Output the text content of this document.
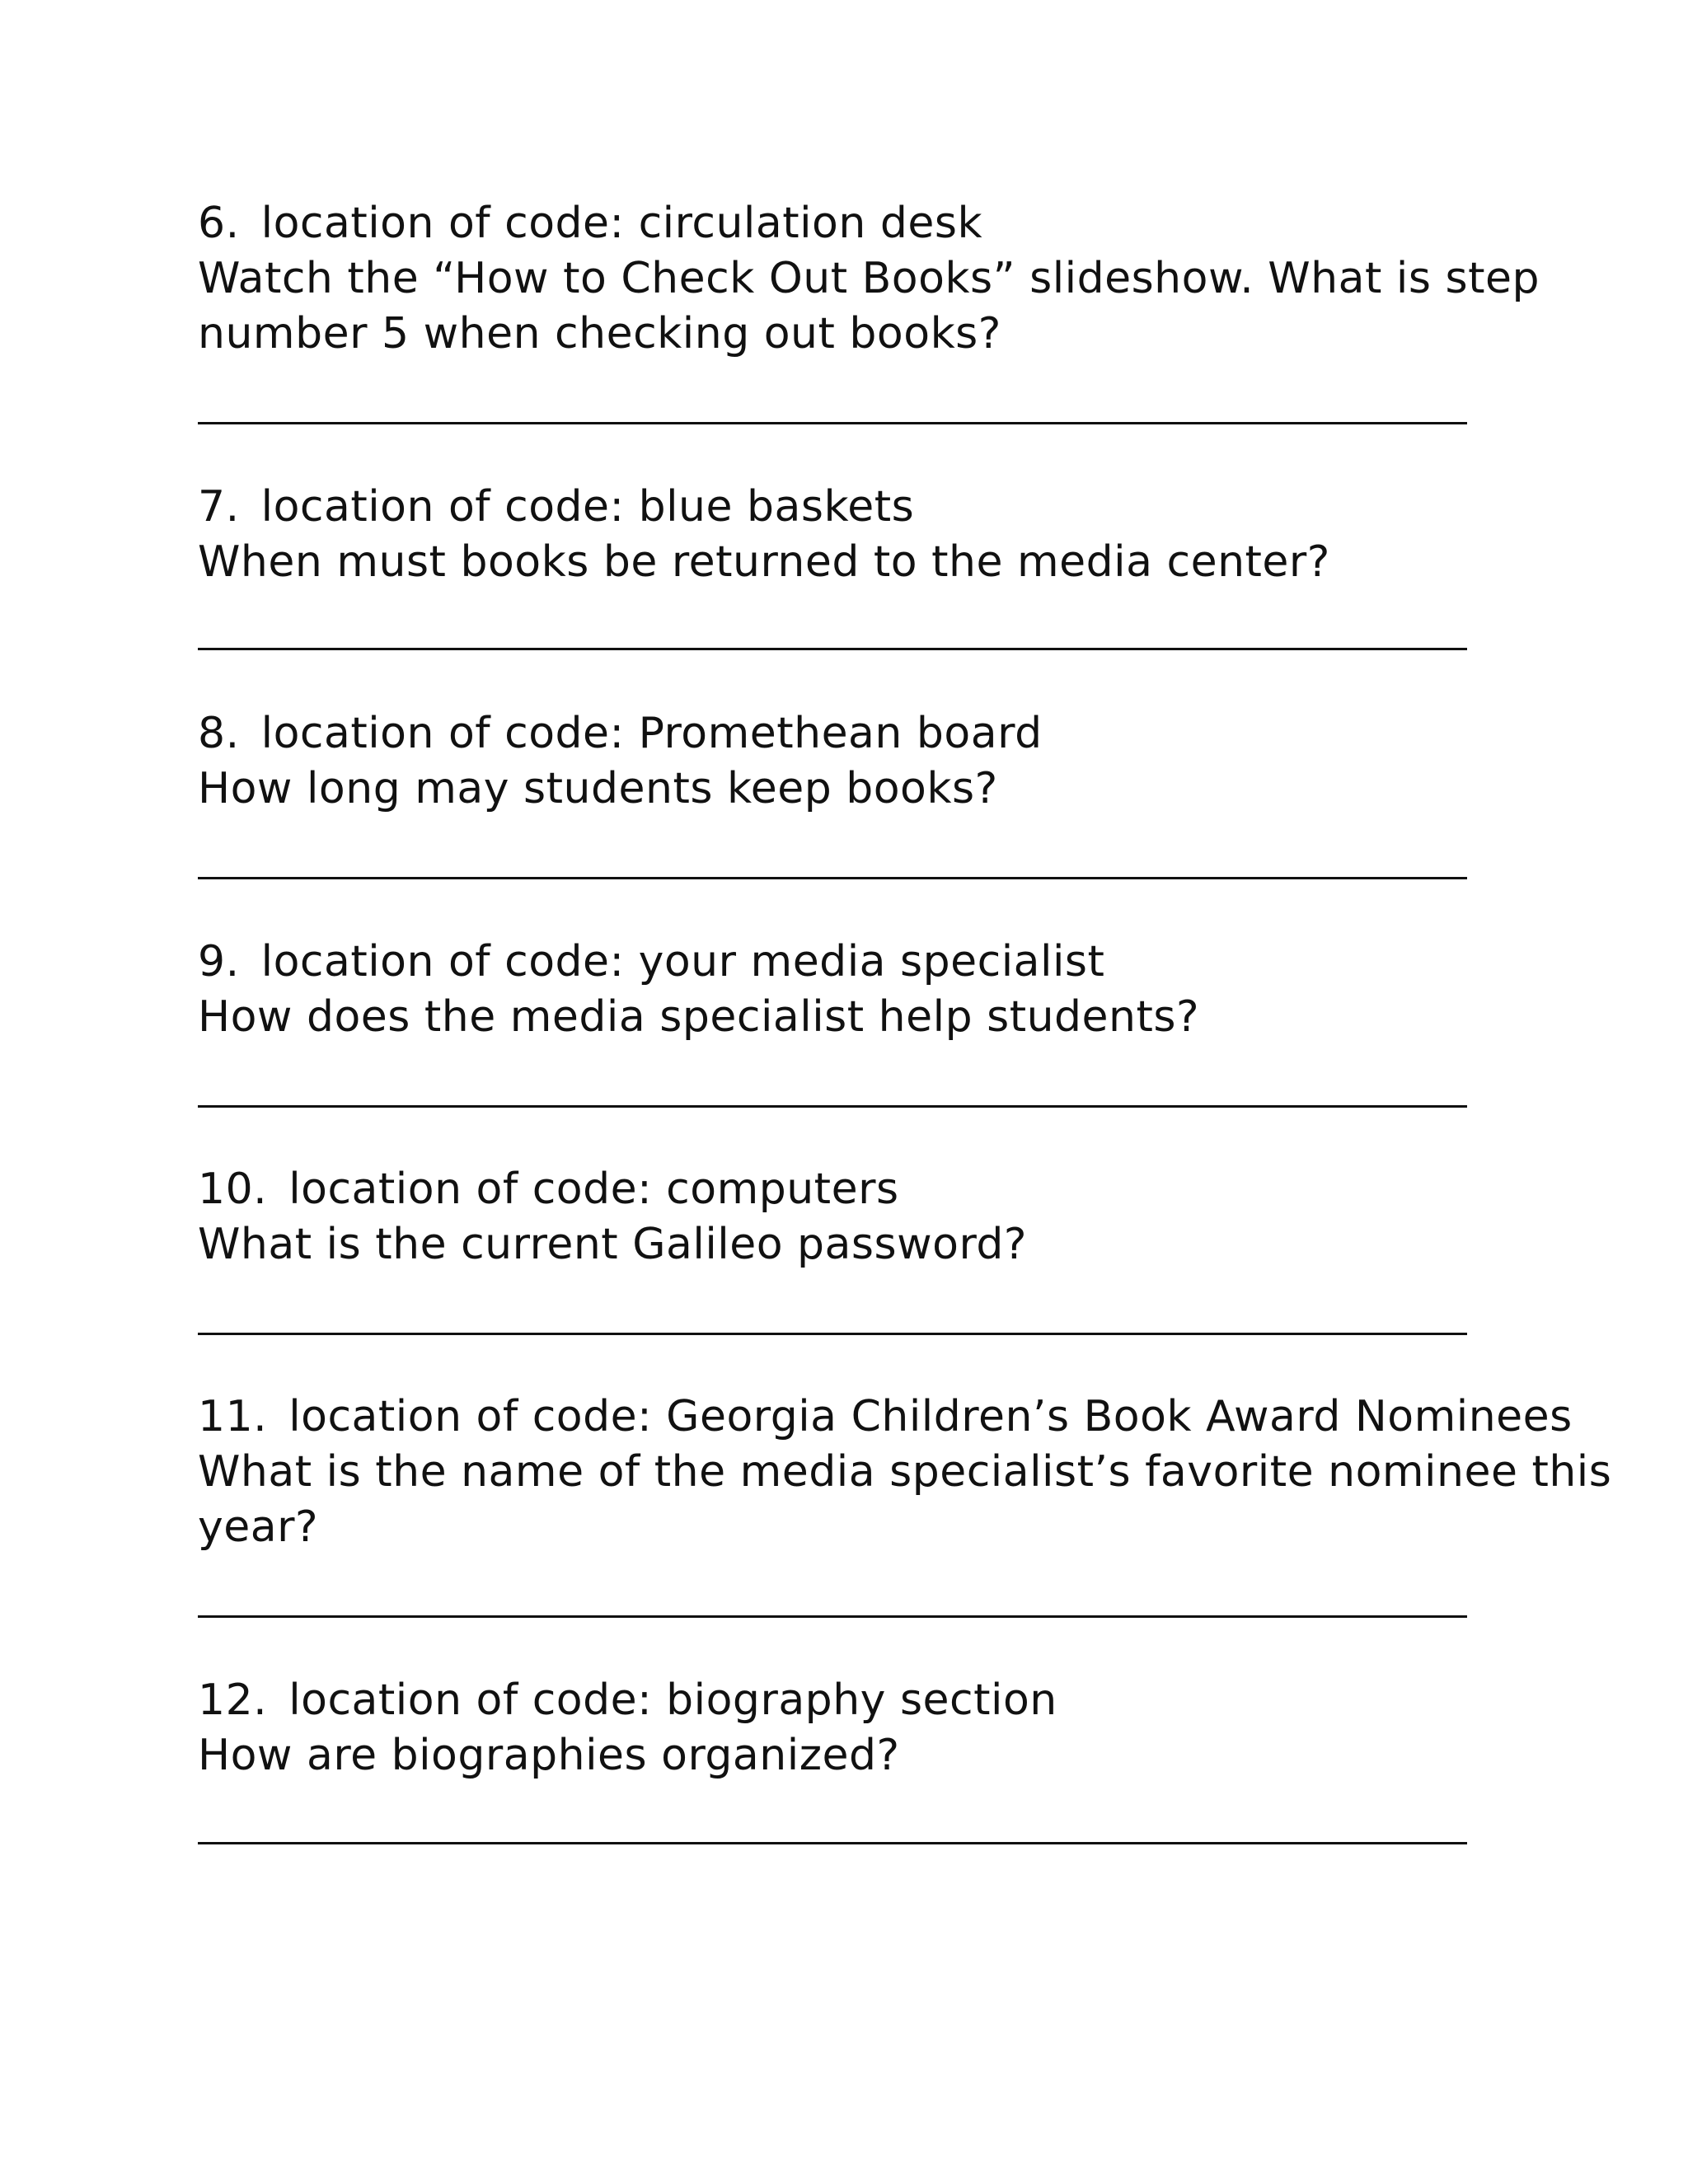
6. location of code: circulation desk
Watch the “How to Check Out Books” slideshow. What is step
number 5 when checking out books?
7. location of code: blue baskets
When must books be returned to the media center?
8. location of code: Promethean board
How long may students keep books?
9. location of code: your media specialist
How does the media specialist help students?
10. location of code: computers
What is the current Galileo password?
11. location of code: Georgia Children’s Book Award Nominees
What is the name of the media specialist’s favorite nominee this
year?
12. location of code: biography section
How are biographies organized?
